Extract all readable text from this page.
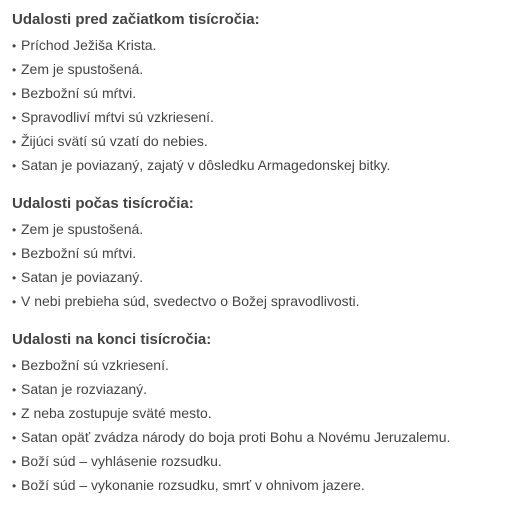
Udalosti pred začiatkom tisícročia:
• Príchod Ježiša Krista.
• Zem je spustošená.
• Bezbožní sú mŕtvi.
• Spravodliví mŕtvi sú vzkriesení.
• Žijúci svätí sú vzatí do nebies.
• Satan je poviazaný, zajatý v dôsledku Armagedonskej bitky.
Udalosti počas tisícročia:
• Zem je spustošená.
• Bezbožní sú mŕtvi.
• Satan je poviazaný.
• V nebi prebieha súd, svedectvo o Božej spravodlivosti.
Udalosti na konci tisícročia:
• Bezbožní sú vzkriesení.
• Satan je rozviazaný.
• Z neba zostupuje sväté mesto.
• Satan opäť zvádza národy do boja proti Bohu a Novému Jeruzalemu.
• Boží súd – vyhlásenie rozsudku.
• Boží súd – vykonanie rozsudku, smrť v ohnivom jazere.
